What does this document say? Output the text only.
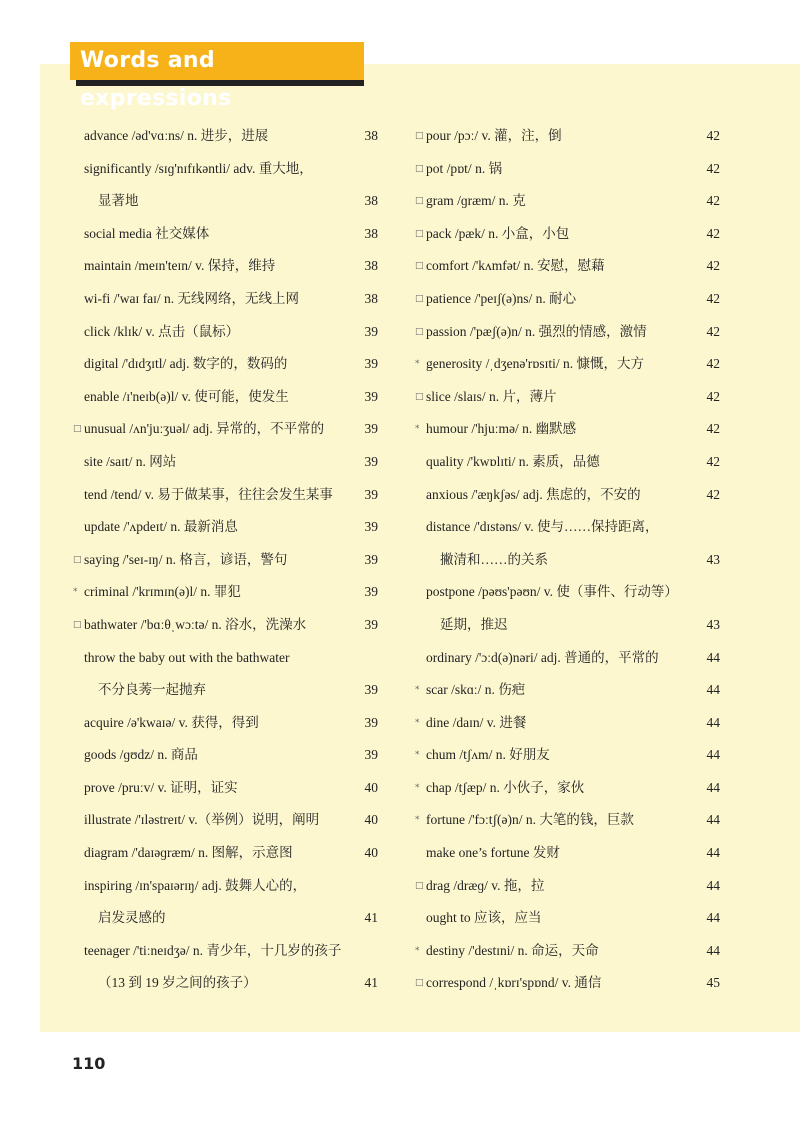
Words and expressions
advance /əd'vɑːns/ n. 进步，进展	38
significantly /sɪɡ'nɪfɪkəntli/ adv. 重大地，
显著地	38
social media 社交媒体	38
maintain /meɪn'teɪn/ v. 保持，维持	38
wi-fi /'waɪ faɪ/ n. 无线网络，无线上网	38
click /klɪk/ v. 点击（鼠标）	39
digital /'dɪdʒɪtl/ adj. 数字的，数码的	39
enable /ɪ'neɪb(ə)l/ v. 使可能，使发生	39
□ unusual /ʌn'juːʒuəl/ adj. 异常的，不平常的	39
site /saɪt/ n. 网站	39
tend /tend/ v. 易于做某事，往往会发生某事 39
update /'ʌpdeɪt/ n. 最新消息	39
□ saying /'seɪ-ɪŋ/ n. 格言，谚语，警句	39
* criminal /'krɪmɪn(ə)l/ n. 罪犯	39
□ bathwater /'bɑːθˌwɔːtə/ n. 浴水，洗澡水	39
throw the baby out with the bathwater
不分良莠一起抛弃	39
acquire /ə'kwaɪə/ v. 获得，得到	39
goods /ɡʊdz/ n. 商品	39
prove /pruːv/ v. 证明，证实	40
illustrate /'ɪləstreɪt/ v.（举例）说明，阐明	40
diagram /'daɪəɡræm/ n. 图解，示意图	40
inspiring /ɪn'spaɪərɪŋ/ adj. 鼓舞人心的，
启发灵感的	41
teenager /'tiːneɪdʒə/ n. 青少年，十几岁的孩子
（13 到 19 岁之间的孩子）	41
□ pour /pɔː/ v. 灌，注，倒	42
□ pot /pɒt/ n. 锅	42
□ gram /ɡræm/ n. 克	42
□ pack /pæk/ n. 小盒，小包	42
□ comfort /'kʌmfət/ n. 安慰，慰藉	42
□ patience /'peɪʃ(ə)ns/ n. 耐心	42
□ passion /'pæʃ(ə)n/ n. 强烈的情感，激情	42
* generosity /ˌdʒenə'rɒsɪti/ n. 慷慨，大方	42
□ slice /slaɪs/ n. 片，薄片	42
* humour /'hjuːmə/ n. 幽默感	42
quality /'kwɒlɪti/ n. 素质，品德	42
anxious /'æŋkʃəs/ adj. 焦虑的，不安的	42
distance /'dɪstəns/ v. 使与……保持距离，
撇清和……的关系	43
postpone /pəʊs'pəʊn/ v. 使（事件、行动等）
延期，推迟	43
ordinary /'ɔːd(ə)nəri/ adj. 普通的，平常的	44
* scar /skɑː/ n. 伤疤	44
* dine /daɪn/ v. 进餐	44
* chum /tʃʌm/ n. 好朋友	44
* chap /tʃæp/ n. 小伙子，家伙	44
* fortune /'fɔːtʃ(ə)n/ n. 大笔的钱，巨款	44
make one’s fortune 发财	44
□ drag /dræɡ/ v. 拖，拉	44
ought to 应该，应当	44
* destiny /'destɪni/ n. 命运，天命	44
□ correspond /ˌkɒrɪ'spɒnd/ v. 通信	45
110
